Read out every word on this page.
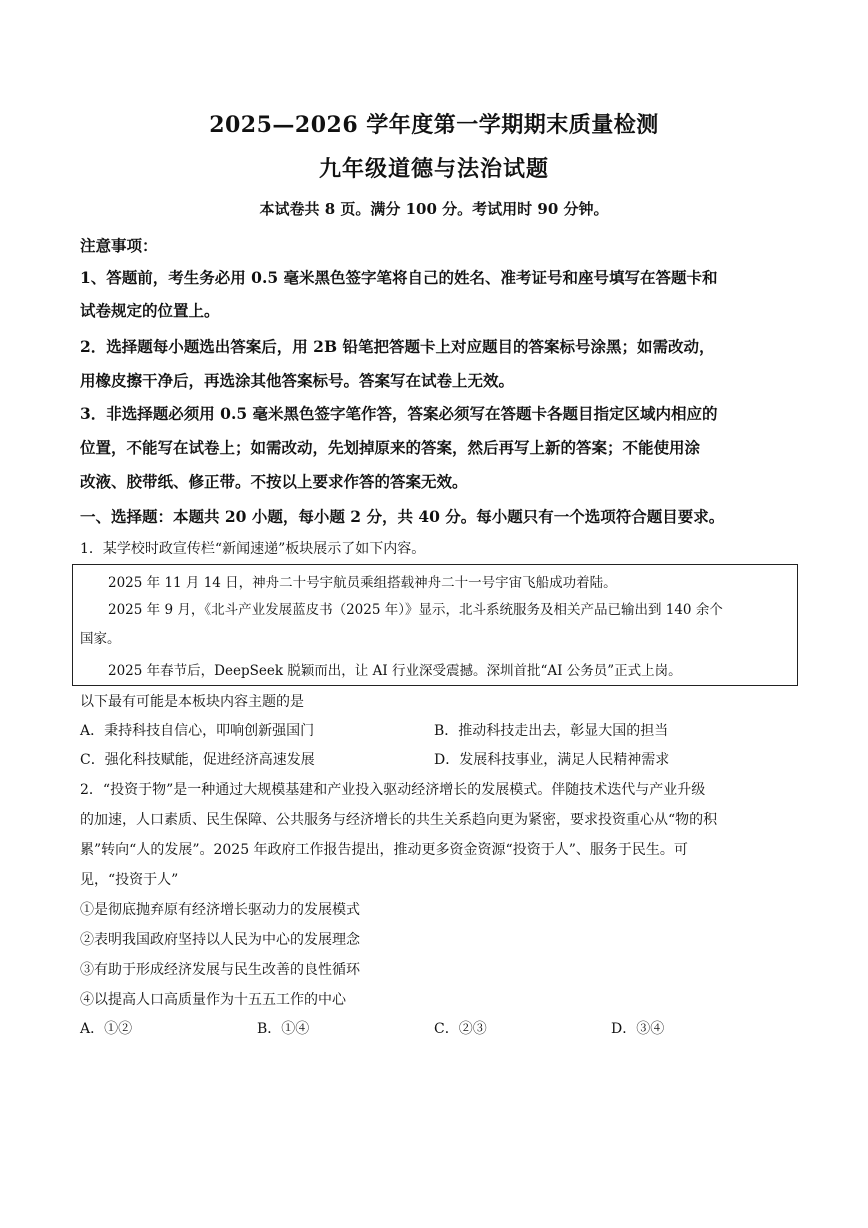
2025—2026 学年度第一学期期末质量检测
九年级道德与法治试题
本试卷共 8 页。满分 100 分。考试用时 90 分钟。
注意事项：
1、答题前，考生务必用 0.5 毫米黑色签字笔将自己的姓名、准考证号和座号填写在答题卡和
试卷规定的位置上。
2．选择题每小题选出答案后，用 2B 铅笔把答题卡上对应题目的答案标号涂黑；如需改动，
用橡皮擦干净后，再选涂其他答案标号。答案写在试卷上无效。
3．非选择题必须用 0.5 毫米黑色签字笔作答，答案必须写在答题卡各题目指定区域内相应的
位置，不能写在试卷上；如需改动，先划掉原来的答案，然后再写上新的答案；不能使用涂
改液、胶带纸、修正带。不按以上要求作答的答案无效。
一、选择题：本题共 20 小题，每小题 2 分，共 40 分。每小题只有一个选项符合题目要求。
1．某学校时政宣传栏“新闻速递”板块展示了如下内容。
2025 年 11 月 14 日，神舟二十号宇航员乘组搭载神舟二十一号宇宙飞船成功着陆。
2025 年 9 月，《北斗产业发展蓝皮书（2025 年）》显示，北斗系统服务及相关产品已输出到 140 余个
国家。
2025 年春节后，DeepSeek 脱颖而出，让 AI 行业深受震撼。深圳首批“AI 公务员”正式上岗。
以下最有可能是本板块内容主题的是
A．秉持科技自信心，叩响创新强国门	B．推动科技走出去，彰显大国的担当
C．强化科技赋能，促进经济高速发展	D．发展科技事业，满足人民精神需求
2．“投资于物”是一种通过大规模基建和产业投入驱动经济增长的发展模式。伴随技术迭代与产业升级
的加速，人口素质、民生保障、公共服务与经济增长的共生关系趋向更为紧密，要求投资重心从“物的积
累”转向“人的发展”。2025 年政府工作报告提出，推动更多资金资源“投资于人”、服务于民生。可
见，“投资于人”
①是彻底抛弃原有经济增长驱动力的发展模式
②表明我国政府坚持以人民为中心的发展理念
③有助于形成经济发展与民生改善的良性循环
④以提高人口高质量作为十五五工作的中心
A．①②	B．①④	C．②③	D．③④
